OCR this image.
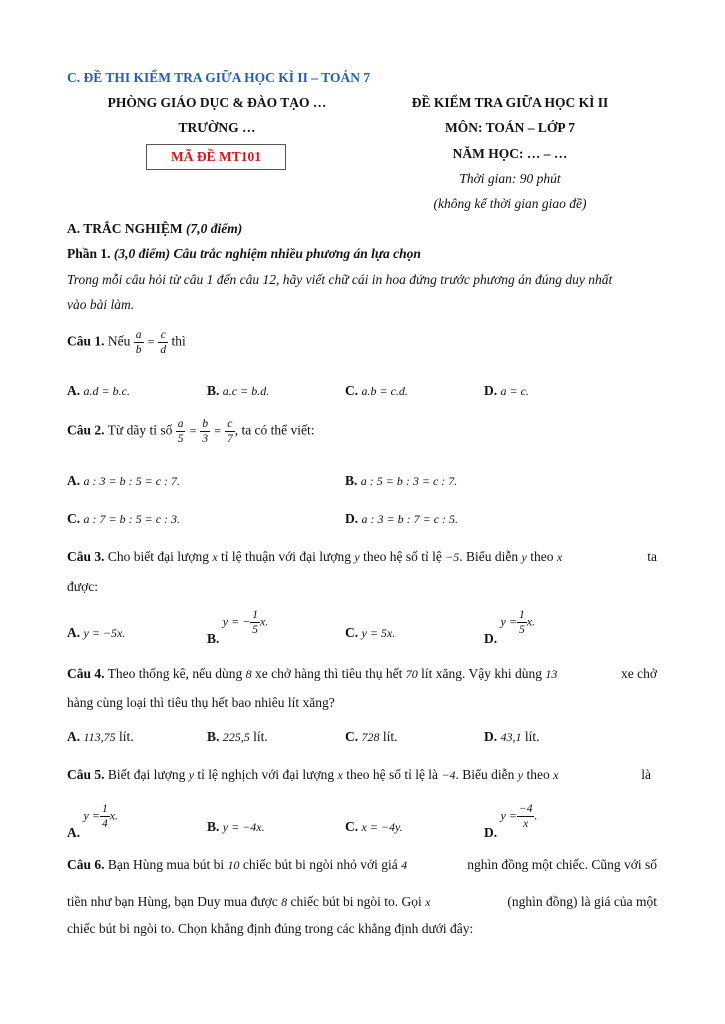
C. ĐỀ THI KIỂM TRA GIỮA HỌC KÌ II – TOÁN 7
PHÒNG GIÁO DỤC & ĐÀO TẠO …
TRƯỜNG …
MÃ ĐỀ MT101
ĐỀ KIỂM TRA GIỮA HỌC KÌ II
MÔN: TOÁN – LỚP 7
NĂM HỌC: … – …
Thời gian: 90 phút
(không kể thời gian giao đề)
A. TRẮC NGHIỆM (7,0 điểm)
Phần 1. (3,0 điểm) Câu trắc nghiệm nhiều phương án lựa chọn
Trong mỗi câu hỏi từ câu 1 đến câu 12, hãy viết chữ cái in hoa đứng trước phương án đúng duy nhất
vào bài làm.
Câu 1. Nếu $\frac{a}{b} = \frac{c}{d}$ thì
A. a.d = b.c.	B. a.c = b.d.	C. a.b = c.d.	D. a = c.
Câu 2. Từ dãy tỉ số $\frac{a}{5} = \frac{b}{3} = \frac{c}{7}$ , ta có thể viết:
A. a : 3 = b : 5 = c : 7.	B. a : 5 = b : 3 = c : 7.
C. a : 7 = b : 5 = c : 3.	D. a : 3 = b : 7 = c : 5.
Câu 3. Cho biết đại lượng x tỉ lệ thuận với đại lượng y theo hệ số tỉ lệ −5. Biểu diễn y theo x	ta
được:
A. y = −5x.	B. y = − $\frac{1}{5} x$.
C. y = 5x.	D. $y = \frac{1}{5} x$.
Câu 4. Theo thống kê, nếu dùng 8 xe chở hàng thì tiêu thụ hết 70 lít xăng. Vậy khi dùng 13	xe chở
hàng cùng loại thì tiêu thụ hết bao nhiêu lít xăng?
A. 113,75 lít.	B. 225,5 lít.	C. 728 lít.	D. 43,1 lít.
Câu 5. Biết đại lượng y tỉ lệ nghịch với đại lượng x theo hệ số tỉ lệ là −4. Biểu diễn y theo x	là
A. $y = \frac{1}{4} x$.
B. y = −4x.	C. x = −4y.	D. $y = \frac{-4}{x}$ .
Câu 6. Bạn Hùng mua bút bi 10 chiếc bút bi ngòi nhỏ với giá 4	nghìn đồng một chiếc. Cũng với số
tiền như bạn Hùng, bạn Duy mua được 8 chiếc bút bi ngòi to. Gọi x	(nghìn đồng) là giá của một
chiếc bút bi ngòi to. Chọn khẳng định đúng trong các khẳng định dưới đây:
